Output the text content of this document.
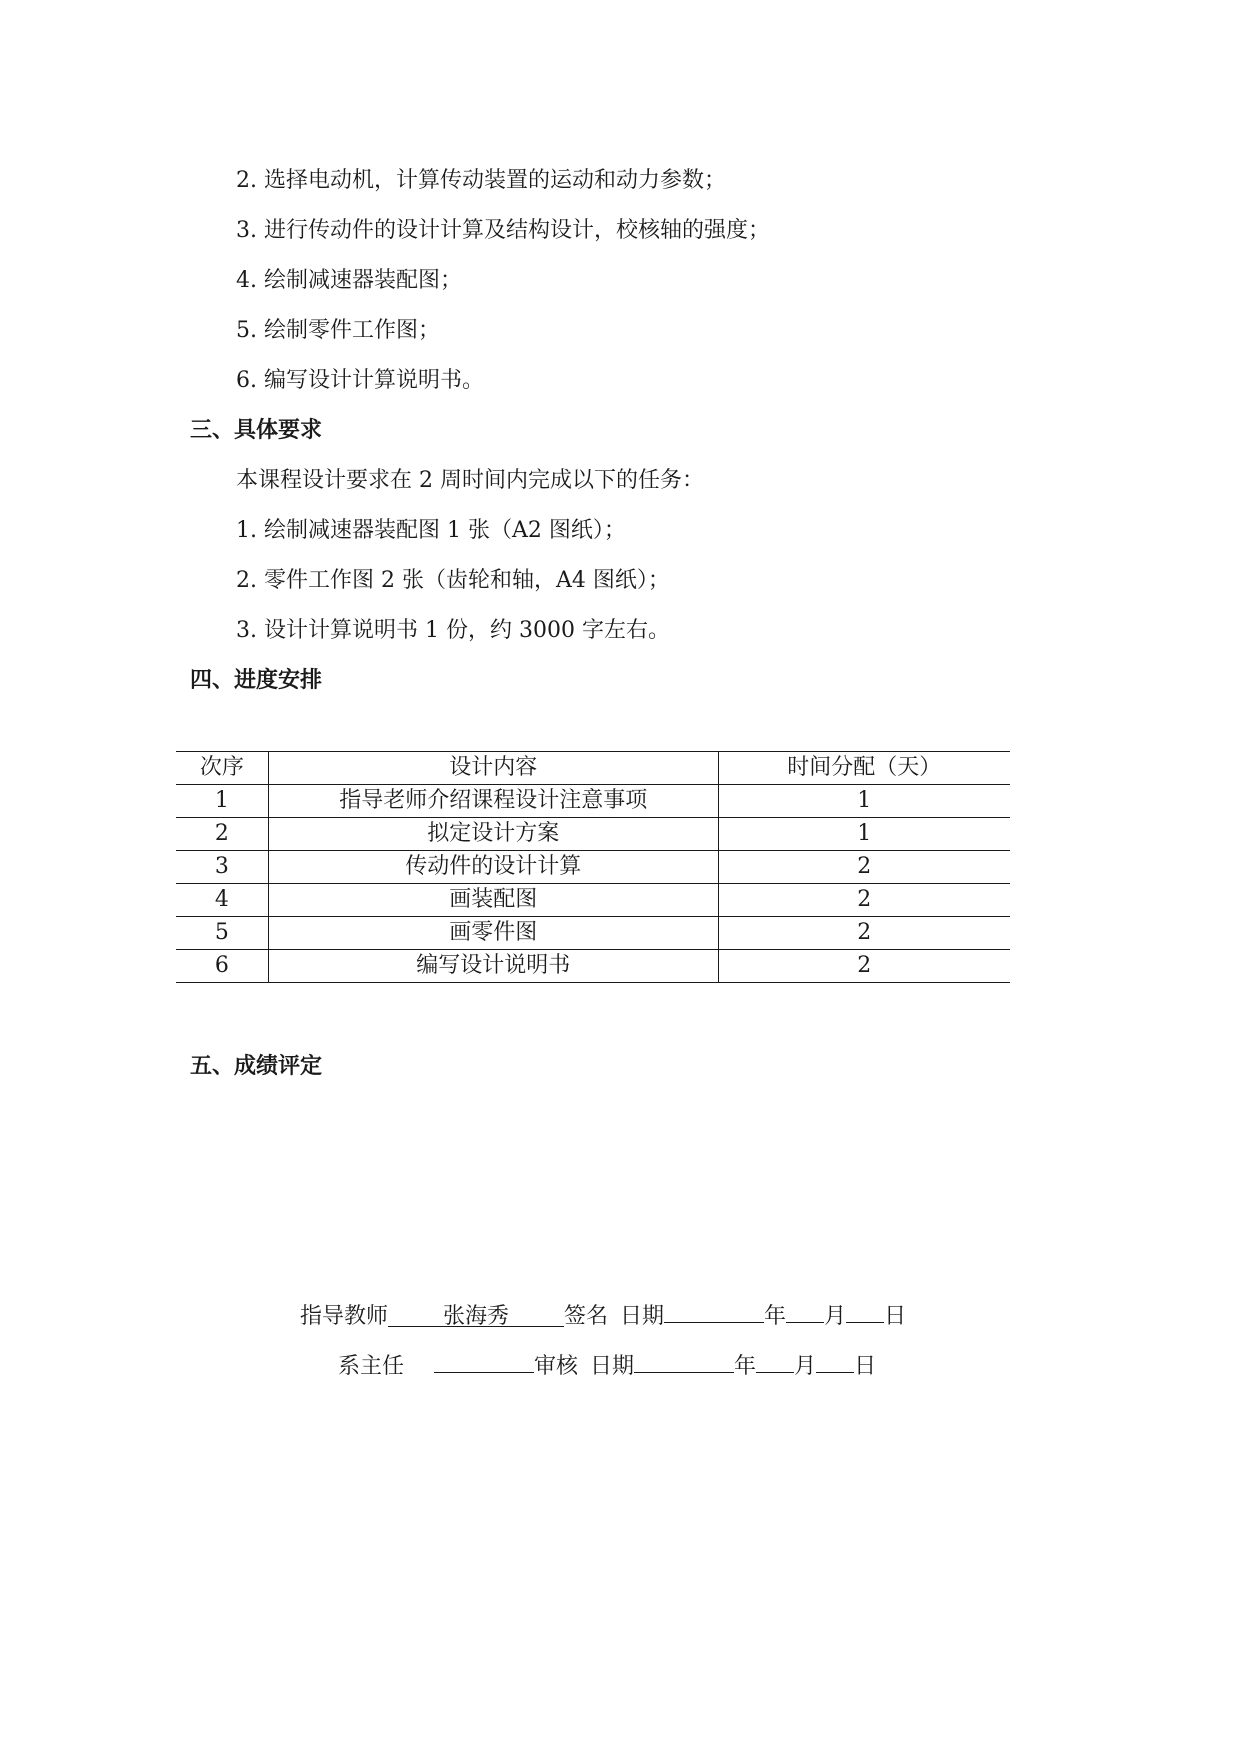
2. 选择电动机，计算传动装置的运动和动力参数；
3. 进行传动件的设计计算及结构设计，校核轴的强度；
4. 绘制减速器装配图；
5. 绘制零件工作图；
6. 编写设计计算说明书。
三、具体要求
本课程设计要求在 2 周时间内完成以下的任务：
1. 绘制减速器装配图 1 张（A2 图纸）；
2. 零件工作图 2 张（齿轮和轴，A4 图纸）；
3. 设计计算说明书 1 份，约 3000 字左右。
四、进度安排
次序	设计内容	时间分配（天）
1	指导老师介绍课程设计注意事项	1
2	拟定设计方案	1
3	传动件的设计计算	2
4	画装配图	2
5	画零件图	2
6	编写设计说明书	2
五、成绩评定
指导教师 张海秀	签名 日期	年 月 日
系主任	审核 日期	年 月 日
